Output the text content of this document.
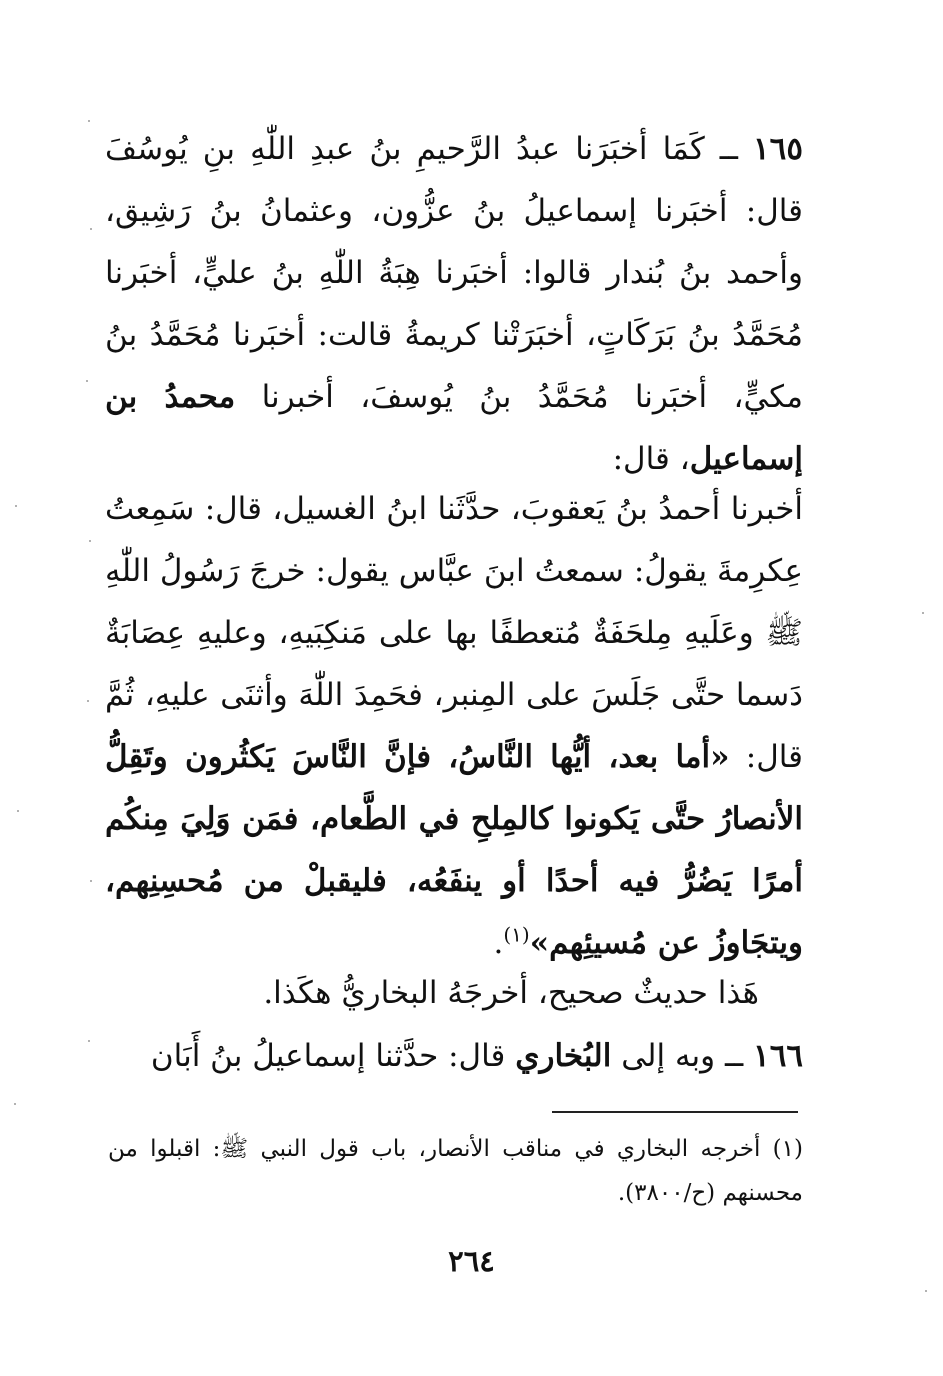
١٦٥ ــ كَمَا أخبَرَنا عبدُ الرَّحيمِ بنُ عبدِ اللّٰهِ بنِ يُوسُفَ قال: أخبَرنا إسماعيلُ بنُ عزُّون، وعثمانُ بنُ رَشِيق، وأحمد بنُ بُندار قالوا: أخبَرنا هِبَةُ اللّٰهِ بنُ عليٍّ، أخبَرنا مُحَمَّدُ بنُ بَرَكَاتٍ، أخبَرَتْنا كريمةُ قالت: أخبَرنا مُحَمَّدُ بنُ مكيٍّ، أخبَرنا مُحَمَّدُ بنُ يُوسفَ، أخبرنا محمدُ بن إسماعيل، قال:

أخبرنا أحمدُ بنُ يَعقوبَ، حدَّثَنا ابنُ الغسيل، قال: سَمِعتُ عِكرِمةَ يقولُ: سمعتُ ابنَ عبَّاس يقول: خرجَ رَسُولُ اللّٰهِ ﷺ وعَلَيهِ مِلحَفَةٌ مُتعطفًا بها على مَنكِبَيهِ، وعليهِ عِصَابَةٌ دَسما حتَّى جَلَسَ على المِنبر، فحَمِدَ اللّٰهَ وأثنَى عليهِ، ثُمَّ قال: «أما بعد، أيُّها النَّاسُ، فإنَّ النَّاسَ يَكثُرون وتَقِلُّ الأنصارُ حتَّى يَكونوا كالمِلحِ في الطَّعام، فمَن وَلِيَ مِنكُم أمرًا يَضُرُّ فيه أحدًا أو ينفَعُه، فليقبلْ من مُحسِنِهم، ويتجَاوزُ عن مُسيئِهم»$^{(١)}$.

هَذا حديثٌ صحيح، أخرجَهُ البخاريُّ هكَذا.

١٦٦ ــ وبه إلى البُخاري قال: حدَّثنا إسماعيلُ بنُ أَبَان

(١) أخرجه البخاري في مناقب الأنصار، باب قول النبي ﷺ: اقبلوا من محسنهم (ح/٣٨٠٠).

٢٦٤
